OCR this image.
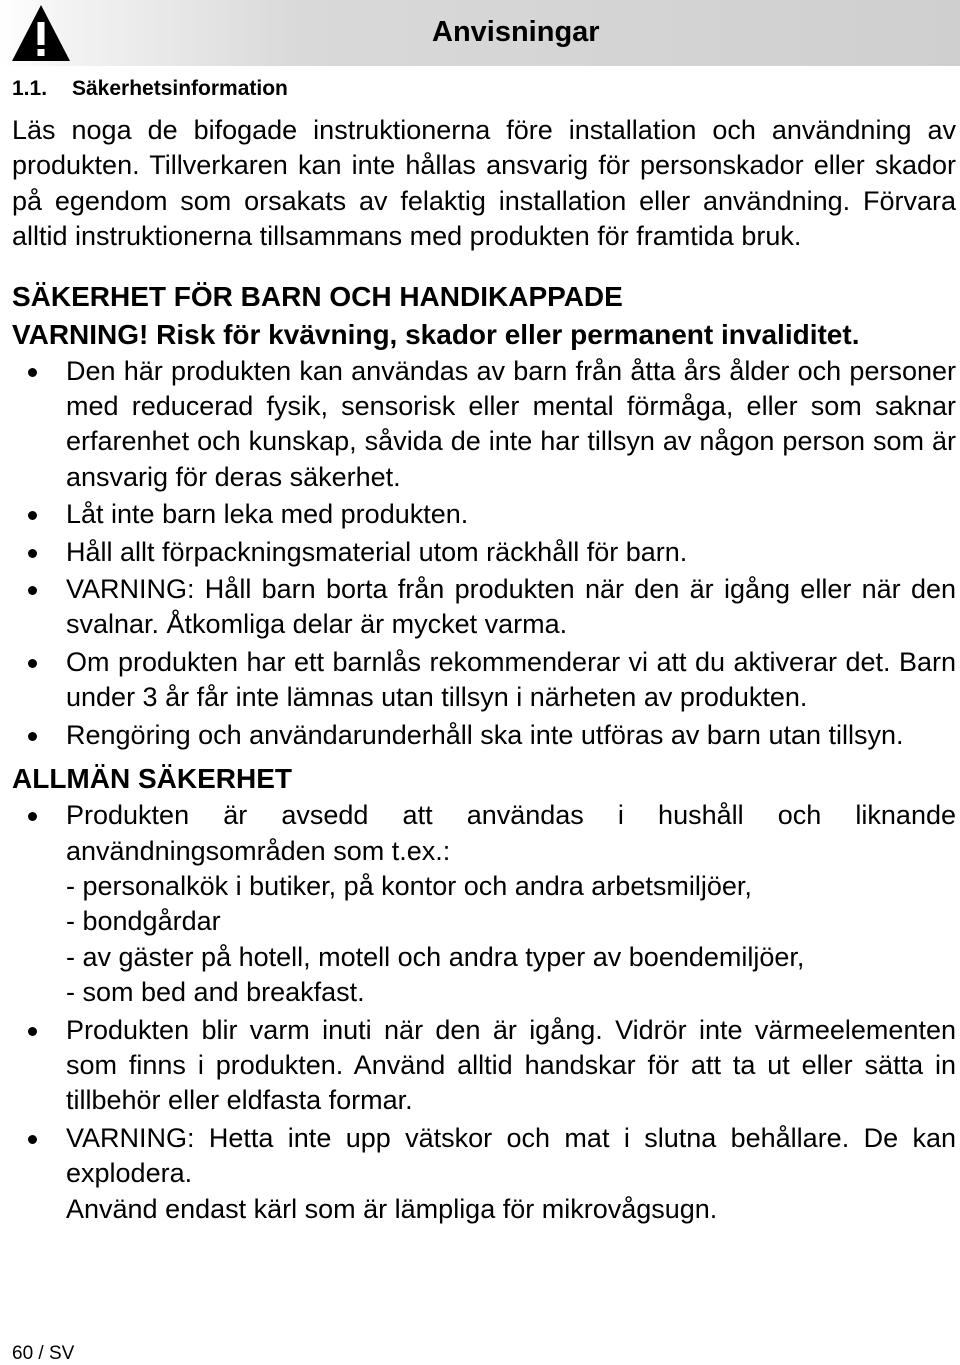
Anvisningar
1.1. Säkerhetsinformation

Läs noga de bifogade instruktionerna före installation och användning av produkten. Tillverkaren kan inte hållas ansvarig för personskador eller skador på egendom som orsakats av felaktig installation eller användning. Förvara alltid instruktionerna tillsammans med produkten för framtida bruk.

SÄKERHET FÖR BARN OCH HANDIKAPPADE

VARNING! Risk för kvävning, skador eller permanent invaliditet.

Den här produkten kan användas av barn från åtta års ålder och personer med reducerad fysik, sensorisk eller mental förmåga, eller som saknar erfarenhet och kunskap, såvida de inte har tillsyn av någon person som är ansvarig för deras säkerhet.
Låt inte barn leka med produkten.
Håll allt förpackningsmaterial utom räckhåll för barn.
VARNING: Håll barn borta från produkten när den är igång eller när den svalnar. Åtkomliga delar är mycket varma.
Om produkten har ett barnlås rekommenderar vi att du aktiverar det. Barn under 3 år får inte lämnas utan tillsyn i närheten av produkten.
Rengöring och användarunderhåll ska inte utföras av barn utan tillsyn.

ALLMÄN SÄKERHET

Produkten är avsedd att användas i hushåll och liknande användningsområden som t.ex.:
- personalkök i butiker, på kontor och andra arbetsmiljöer,
- bondgårdar
- av gäster på hotell, motell och andra typer av boendemiljöer,
- som bed and breakfast.
Produkten blir varm inuti när den är igång. Vidrör inte värmeelementen som finns i produkten. Använd alltid handskar för att ta ut eller sätta in tillbehör eller eldfasta formar.
VARNING: Hetta inte upp vätskor och mat i slutna behållare. De kan explodera.
Använd endast kärl som är lämpliga för mikrovågsugn.
60 / SV
